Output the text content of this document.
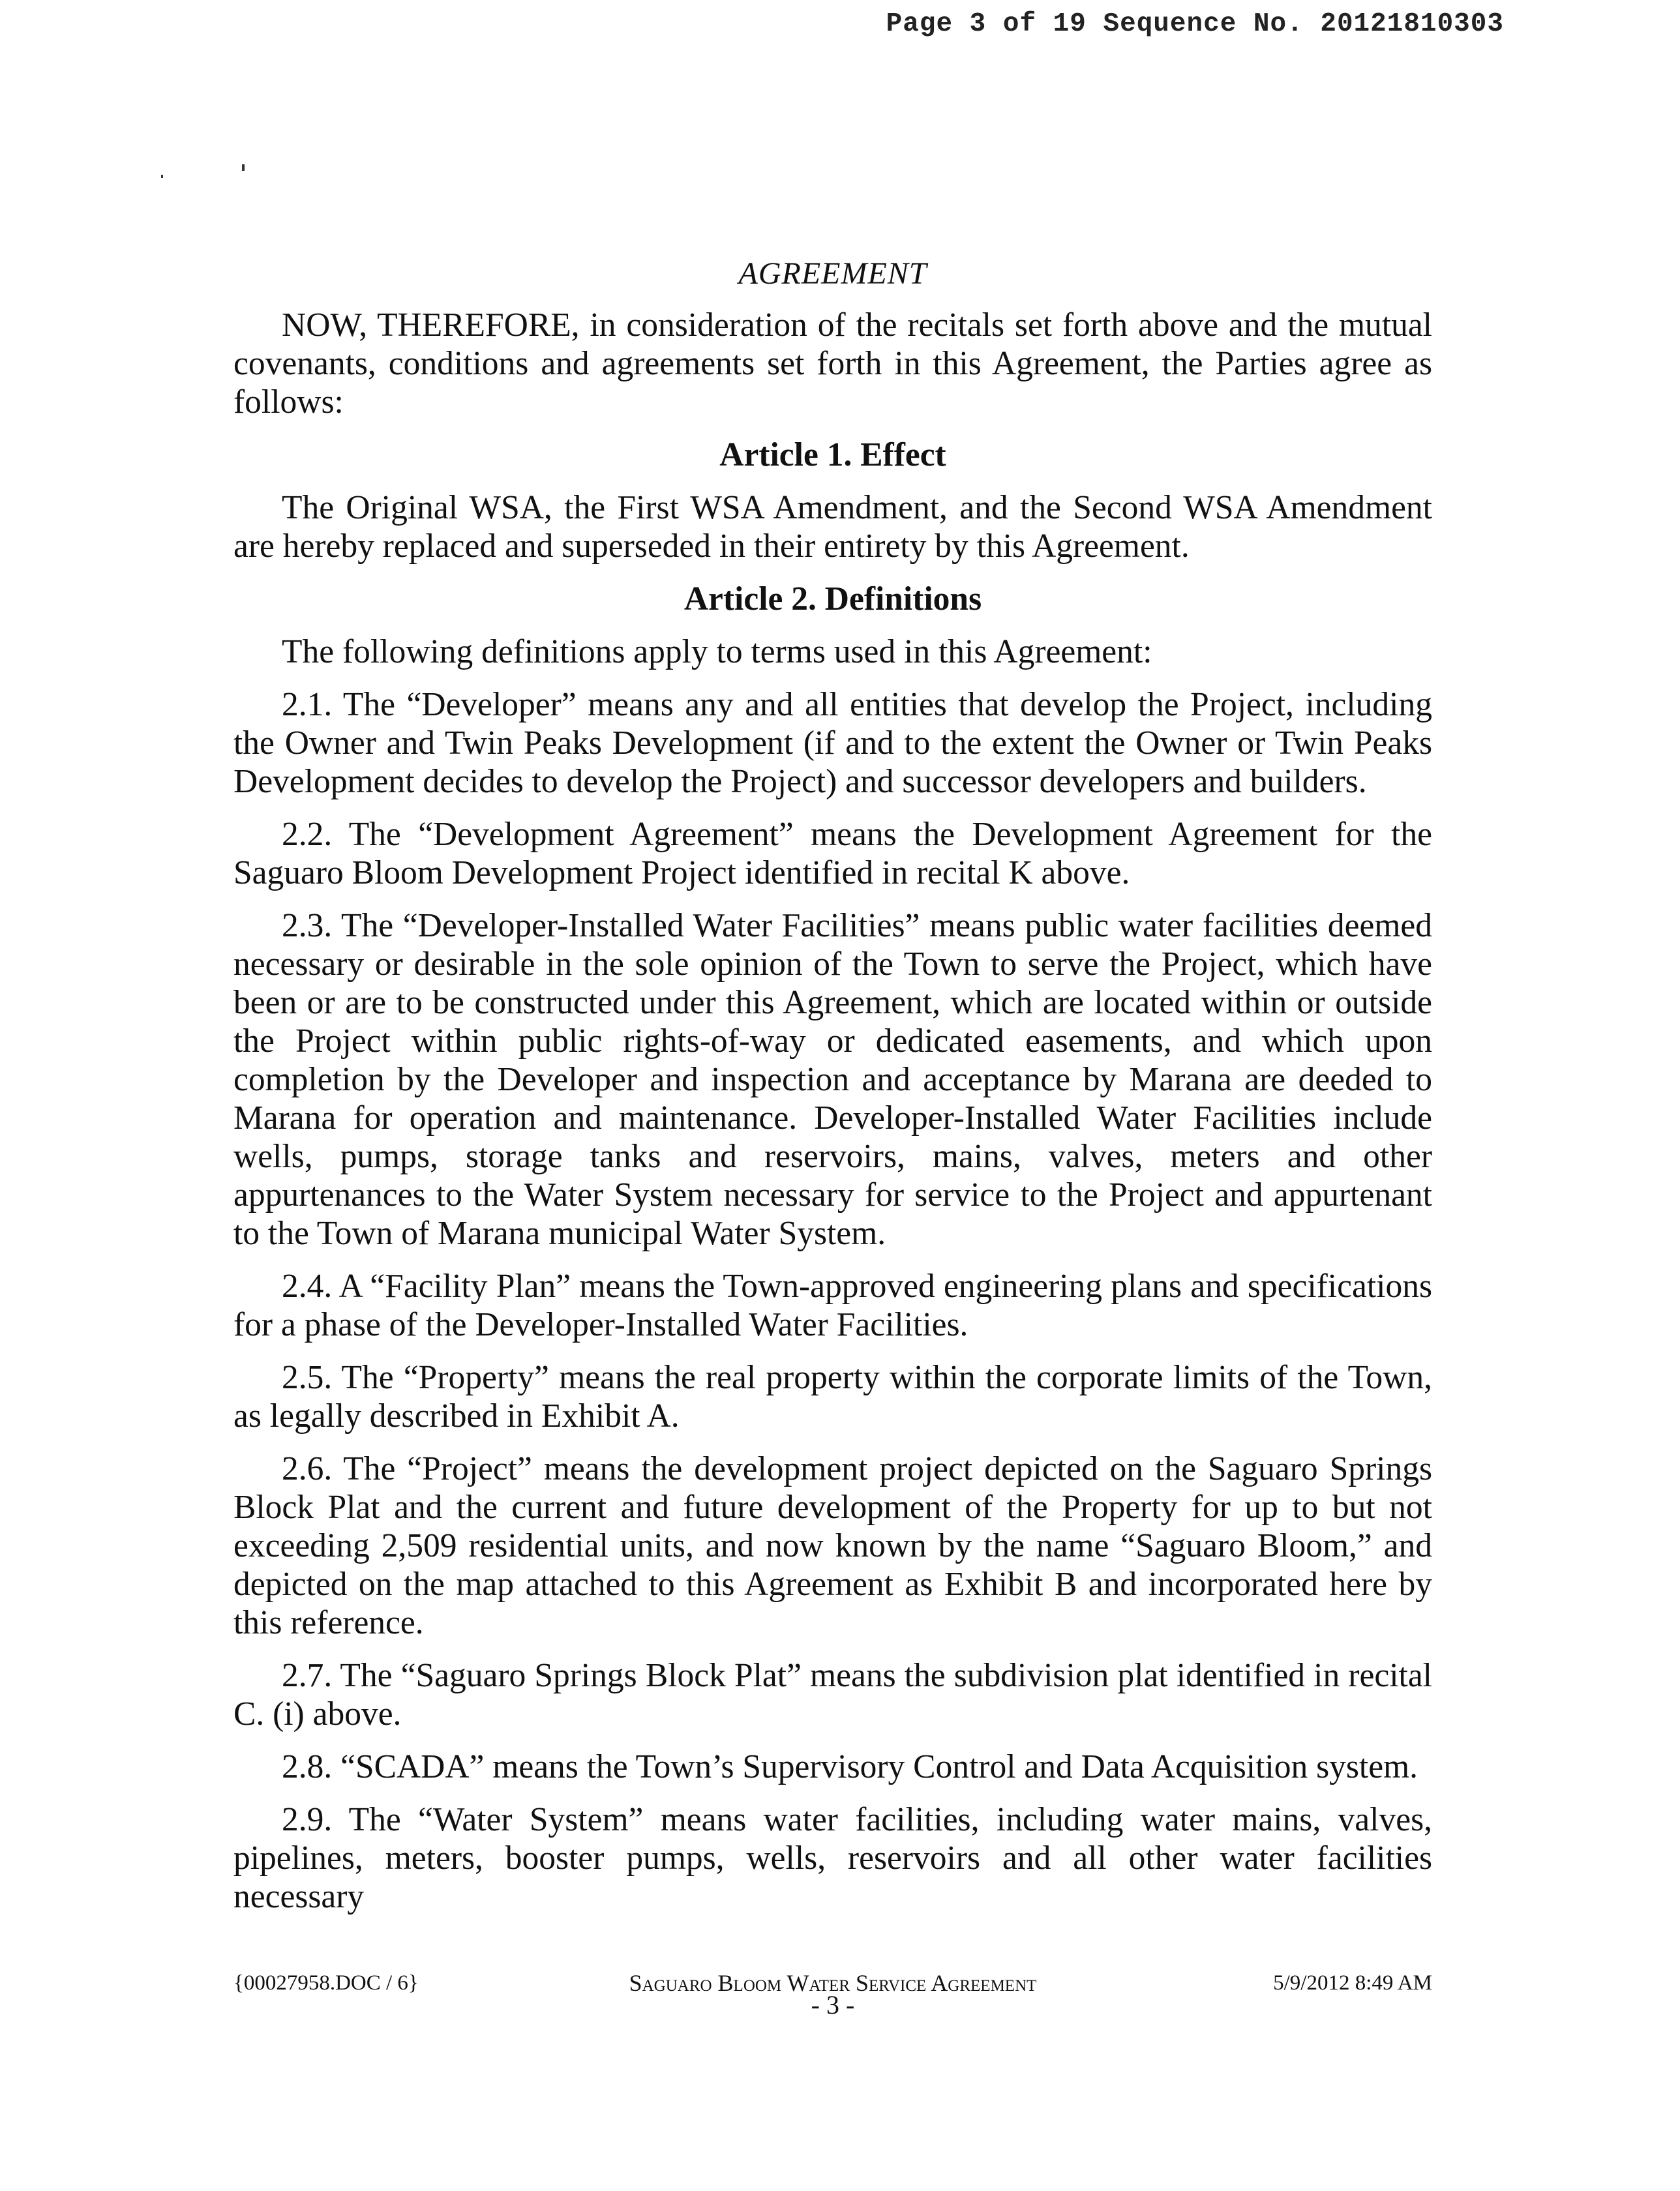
Page 3 of 19 Sequence No. 20121810303
AGREEMENT

NOW, THEREFORE, in consideration of the recitals set forth above and the mutual covenants, conditions and agreements set forth in this Agreement, the Parties agree as follows:

Article 1. Effect

The Original WSA, the First WSA Amendment, and the Second WSA Amendment are hereby replaced and superseded in their entirety by this Agreement.

Article 2. Definitions

The following definitions apply to terms used in this Agreement:

2.1. The “Developer” means any and all entities that develop the Project, including the Owner and Twin Peaks Development (if and to the extent the Owner or Twin Peaks Development decides to develop the Project) and successor developers and builders.

2.2. The “Development Agreement” means the Development Agreement for the Saguaro Bloom Development Project identified in recital K above.

2.3. The “Developer-Installed Water Facilities” means public water facilities deemed necessary or desirable in the sole opinion of the Town to serve the Project, which have been or are to be constructed under this Agreement, which are located within or outside the Project within public rights-of-way or dedicated easements, and which upon completion by the Developer and inspection and acceptance by Marana are deeded to Marana for operation and maintenance. Developer-Installed Water Facilities include wells, pumps, storage tanks and reservoirs, mains, valves, meters and other appurtenances to the Water System necessary for service to the Project and appurtenant to the Town of Marana municipal Water System.

2.4. A “Facility Plan” means the Town-approved engineering plans and specifications for a phase of the Developer-Installed Water Facilities.

2.5. The “Property” means the real property within the corporate limits of the Town, as legally described in Exhibit A.

2.6. The “Project” means the development project depicted on the Saguaro Springs Block Plat and the current and future development of the Property for up to but not exceeding 2,509 residential units, and now known by the name “Saguaro Bloom,” and depicted on the map attached to this Agreement as Exhibit B and incorporated here by this reference.

2.7. The “Saguaro Springs Block Plat” means the subdivision plat identified in recital C. (i) above.

2.8. “SCADA” means the Town’s Supervisory Control and Data Acquisition system.

2.9. The “Water System” means water facilities, including water mains, valves, pipelines, meters, booster pumps, wells, reservoirs and all other water facilities necessary

{00027958.DOC / 6}	Saguaro Bloom Water Service Agreement	5/9/2012 8:49 AM
- 3 -
